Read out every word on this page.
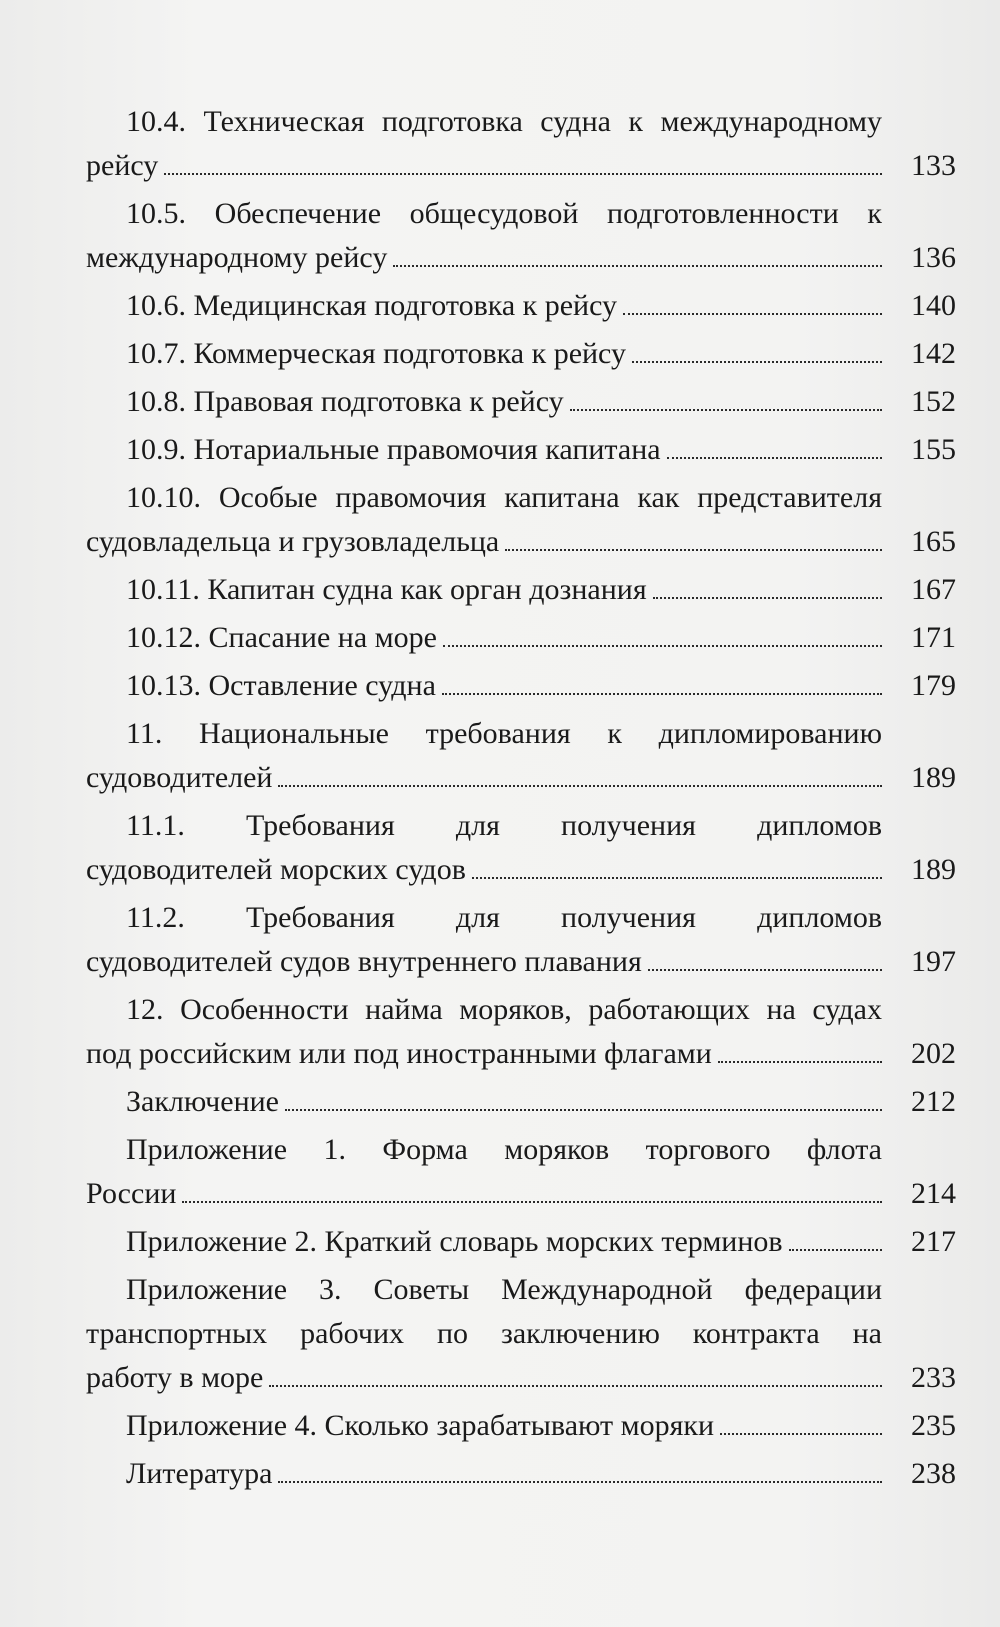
10.4. Техническая подготовка судна к международному
рейсу	133
10.5. Обеспечение общесудовой подготовленности к
международному рейсу	136
10.6. Медицинская подготовка к рейсу	140
10.7. Коммерческая подготовка к рейсу	142
10.8. Правовая подготовка к рейсу	152
10.9. Нотариальные правомочия капитана	155
10.10. Особые правомочия капитана как представителя
судовладельца и грузовладельца	165
10.11. Капитан судна как орган дознания	167
10.12. Спасание на море	171
10.13. Оставление судна	179
11. Национальные требования к дипломированию
судоводителей	189
11.1. Требования для получения дипломов
судоводителей морских судов	189
11.2. Требования для получения дипломов
судоводителей судов внутреннего плавания	197
12. Особенности найма моряков, работающих на судах
под российским или под иностранными флагами	202
Заключение	212
Приложение 1. Форма моряков торгового флота
России	214
Приложение 2. Краткий словарь морских терминов	217
Приложение 3. Советы Международной федерации
транспортных рабочих по заключению контракта на
работу в море	233
Приложение 4. Сколько зарабатывают моряки	235
Литература	238
